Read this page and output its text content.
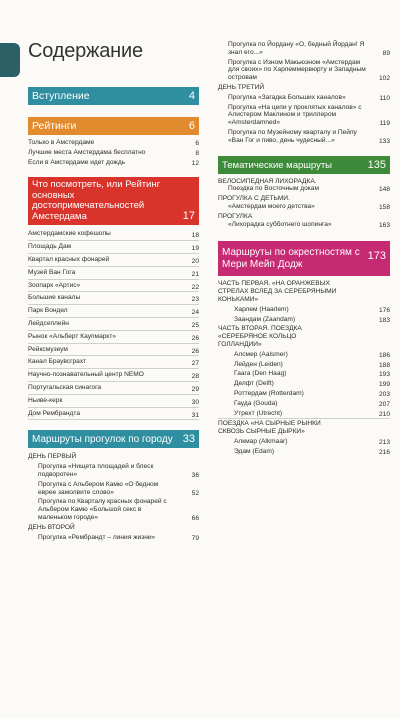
Содержание
Вступление	4
Рейтинги	6
Только в Амстердаме	6
Лучшие места Амстердама бесплатно	8
Если в Амстердаме идет дождь	12
Что посмотреть, или Рейтинг основных достопримечательностей Амстердама	17
Амстердамские кофешопы	18
Площадь Дам	19
Квартал красных фонарей	20
Музей Ван Гога	21
Зоопарк «Артис»	22
Большие каналы	23
Парк Вондел	24
Лейдсеплейн	25
Рынок «Альберт Каупмаркт»	26
Рейксмузеум	26
Канал Браувсграхт	27
Научно-познавательный центр NEMO	28
Португальская синагога	29
Ньиве-керк	30
Дом Рембрандта	31
Маршруты прогулок по городу 33
ДЕНЬ ПЕРВЫЙ
Прогулка «Нищета площадей и блеск подворотен»	36
Прогулка с Альбером Камю «О бедном еврее замолвите слово»	52
Прогулка по Кварталу красных фонарей с Альбером Камю «Большой секс в маленьком городе»	66
ДЕНЬ ВТОРОЙ
Прогулка «Рембрандт – линия жизни»	79
Прогулка по Йордану «О, бедный Йордан! Я знал его...»	89
Прогулка с Изном Макьюэном «Амстердам для своих» по Харлеммервюрту и Западным островам	102
ДЕНЬ ТРЕТИЙ
Прогулка «Загадка Больших каналов»	110
Прогулка «На цепи у проклятых каналов» с Алистером Маклином и триллером «Amsterdamned»	119
Прогулка по Музейному кварталу и Пейпу «Ван Гог и пиво, день чудесный...»	133
Тематические маршруты	135
ВЕЛОСИПЕДНАЯ ЛИХОРАДКА.
Поездка по Восточным докам	148
ПРОГУЛКА С ДЕТЬМИ.
«Амстердам моего детства»	158
ПРОГУЛКА
«Лихорадка субботнего шопинга»	163
Маршруты по окрестностям с Мери Мейп Додж
173
ЧАСТЬ ПЕРВАЯ. «НА ОРАНЖЕВЫХ СТРЕЛАХ ВСЛЕД ЗА СЕРЕБРЯНЫМИ КОНЬКАМИ»
Харлем (Haarlem)	176
Заандам (Zaandam)	183
ЧАСТЬ ВТОРАЯ. ПОЕЗДКА «СЕРЕБРЯНОЕ КОЛЬЦО ГОЛЛАНДИИ»
Алсмер (Aalsmer)	186
Лейден (Leiden)	188
Гаага (Den Haag)	193
Делфт (Delft)	199
Роттердам (Rotterdam)	203
Гауда (Gouda)	207
Утрехт (Utrecht)	210
ПОЕЗДКА «НА СЫРНЫЕ РЫНКИ СКВОЗЬ СЫРНЫЕ ДЫРКИ»
Алкмар (Alkmaar)	213
Эдам (Edam)	216
